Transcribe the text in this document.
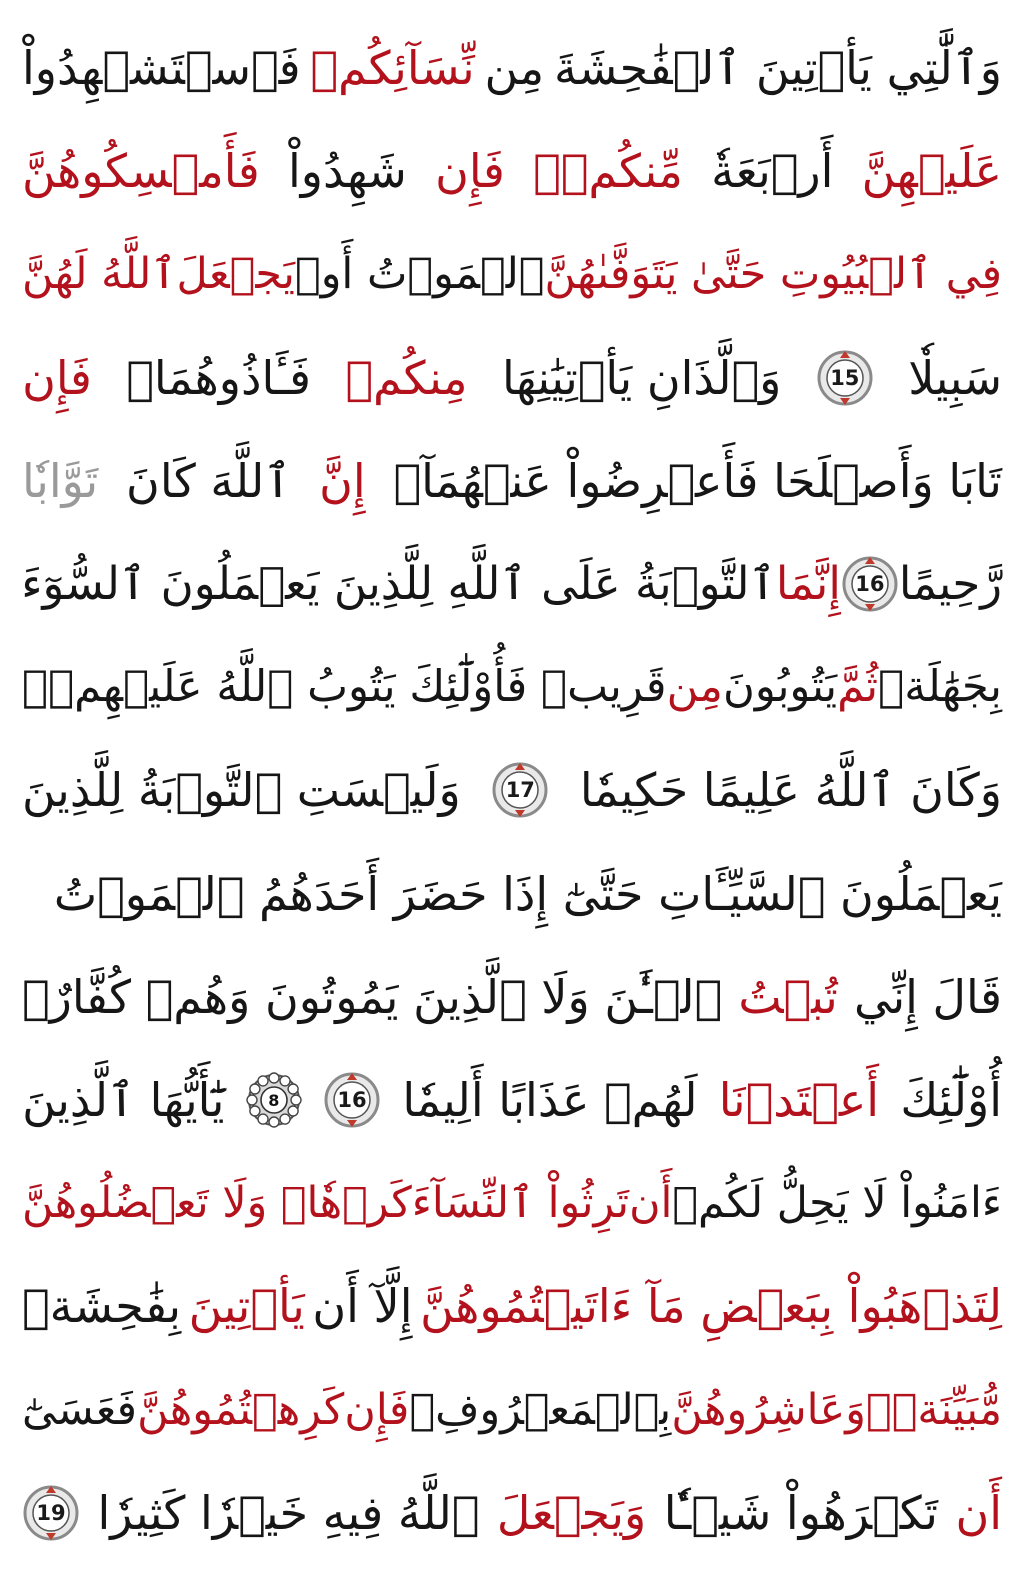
وَٱلَّٰتِي يَأۡتِينَ ٱلۡفَٰحِشَةَ
مِن
نِّسَآئِكُمۡ
فَٱسۡتَشۡهِدُواْ
عَلَيۡهِنَّ
أَرۡبَعَةٗ
مِّنكُمۡۖ
فَإِن
شَهِدُواْ
فَأَمۡسِكُوهُنَّ
فِي ٱلۡبُيُوتِ حَتَّىٰ يَتَوَفَّىٰهُنَّ
ٱلۡمَوۡتُ أَوۡ
يَجۡعَلَ
ٱللَّهُ لَهُنَّ
سَبِيلٗا
15
وَٱلَّذَانِ يَأۡتِيَٰنِهَا
مِنكُمۡ
فَـَٔاذُوهُمَاۖ
فَإِن
تَابَا وَأَصۡلَحَا فَأَعۡرِضُواْ عَنۡهُمَآۗ
إِنَّ
ٱللَّهَ كَانَ
تَوَّابٗا
رَّحِيمًا
16
إِنَّمَا
ٱلتَّوۡبَةُ عَلَى ٱللَّهِ لِلَّذِينَ يَعۡمَلُونَ ٱلسُّوٓءَ
بِجَهَٰلَةٖ
ثُمَّ
يَتُوبُونَ
مِن
قَرِيبٖ فَأُوْلَٰٓئِكَ يَتُوبُ ٱللَّهُ عَلَيۡهِمۡۗ
وَكَانَ ٱللَّهُ عَلِيمًا حَكِيمٗا
17
وَلَيۡسَتِ ٱلتَّوۡبَةُ لِلَّذِينَ
يَعۡمَلُونَ ٱلسَّيِّـَٔاتِ حَتَّىٰٓ إِذَا حَضَرَ أَحَدَهُمُ ٱلۡمَوۡتُ
قَالَ إِنِّي
تُبۡتُ
ٱلۡـَٰٔنَ وَلَا ٱلَّذِينَ يَمُوتُونَ وَهُمۡ كُفَّارٌۚ
أُوْلَٰٓئِكَ
أَعۡتَدۡنَا
لَهُمۡ عَذَابًا أَلِيمٗا
16
8
يَٰٓأَيُّهَا ٱلَّذِينَ
ءَامَنُواْ لَا يَحِلُّ لَكُمۡ
أَن
تَرِثُواْ ٱلنِّسَآءَ
كَرۡهٗاۖ وَلَا تَعۡضُلُوهُنَّ
لِتَذۡهَبُواْ بِبَعۡضِ مَآ ءَاتَيۡتُمُوهُنَّ
إِلَّآ أَن
يَأۡتِينَ
بِفَٰحِشَةٖ
مُّبَيِّنَةٖۚ
وَعَاشِرُوهُنَّ
بِٱلۡمَعۡرُوفِۚ
فَإِن
كَرِهۡتُمُوهُنَّ
فَعَسَىٰٓ
أَن
تَكۡرَهُواْ شَيۡـٔٗا
وَيَجۡعَلَ
ٱللَّهُ فِيهِ خَيۡرٗا كَثِيرٗا
19
